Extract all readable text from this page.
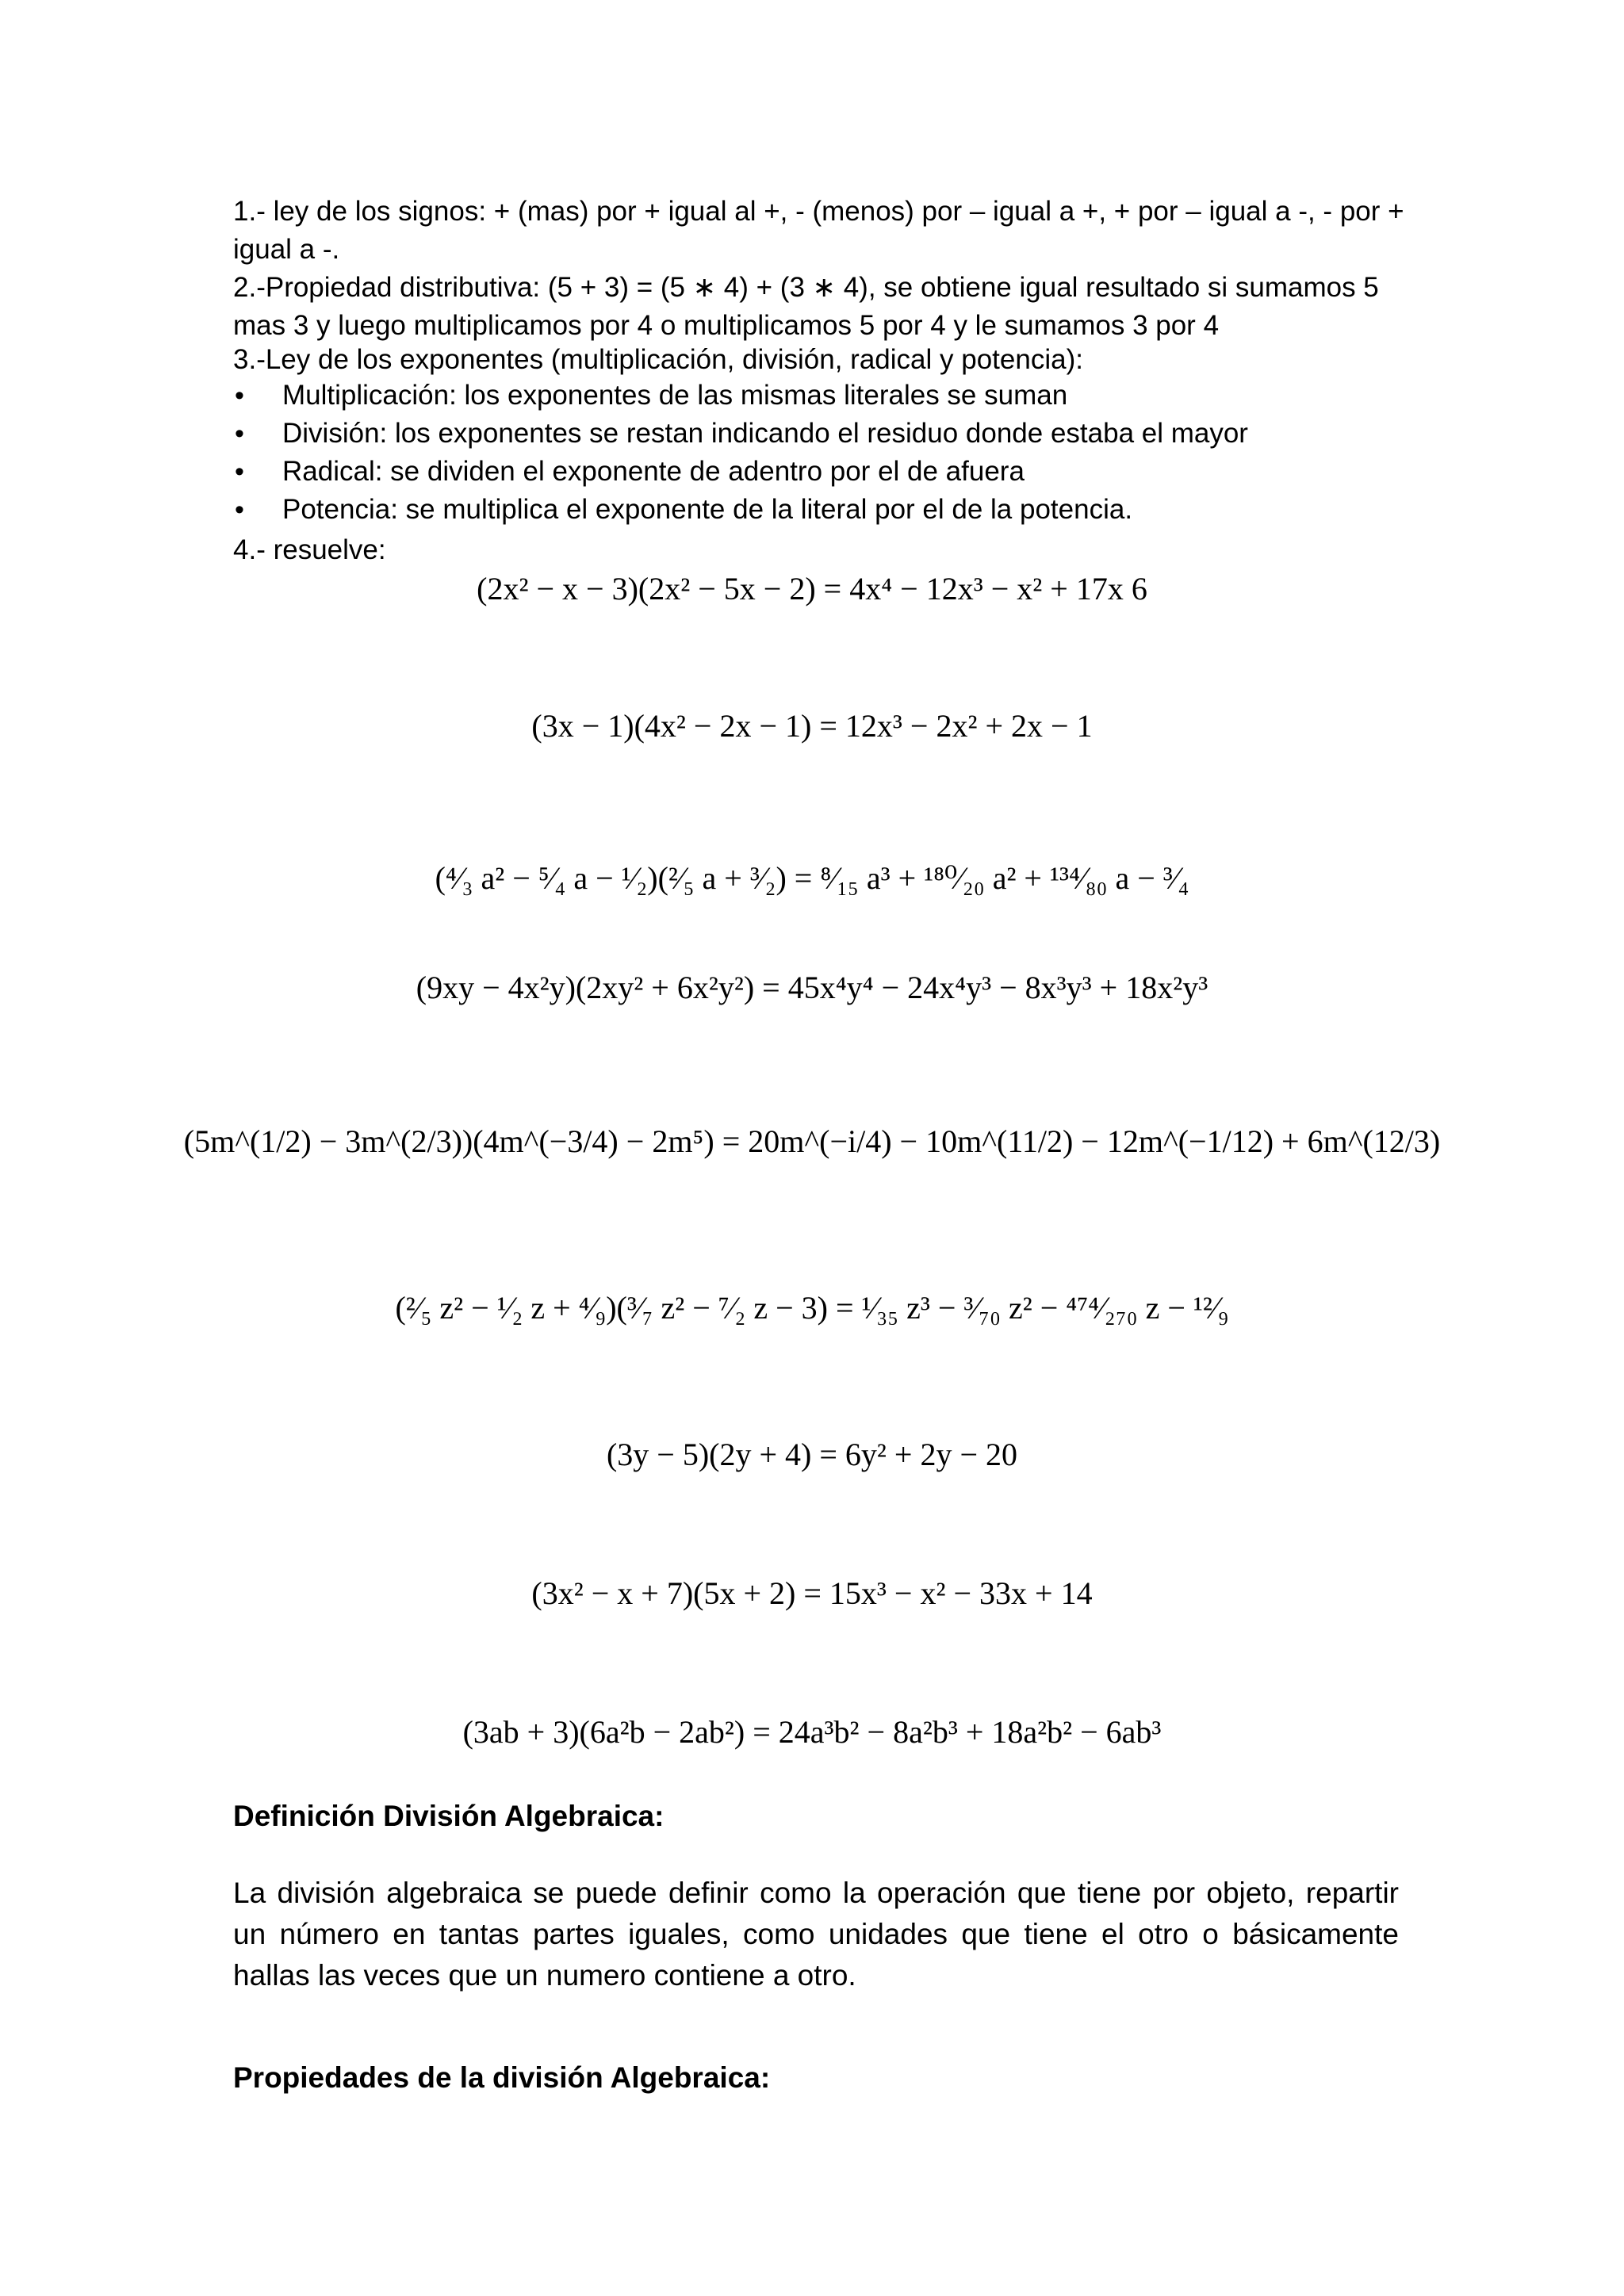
1.- ley de los signos: + (mas) por + igual al +, - (menos) por – igual a +, + por – igual a -, - por +
igual a -.
2.-Propiedad distributiva: (5 + 3) = (5 ∗ 4) + (3 ∗ 4), se obtiene igual resultado si sumamos 5
mas 3 y luego multiplicamos por 4 o multiplicamos 5 por 4 y le sumamos 3 por 4
3.-Ley de los exponentes (multiplicación, división, radical y potencia):
• Multiplicación: los exponentes de las mismas literales se suman
• División: los exponentes se restan indicando el residuo donde estaba el mayor
• Radical: se dividen el exponente de adentro por el de afuera
• Potencia: se multiplica el exponente de la literal por el de la potencia.
4.- resuelve:
(2x² − x − 3)(2x² − 5x − 2) = 4x⁴ − 12x³ − x² + 17x 6
(3x − 1)(4x² − 2x − 1) = 12x³ − 2x² + 2x − 1
(⁴⁄₃ a² − ⁵⁄₄ a − ¹⁄₂)(²⁄₅ a + ³⁄₂) = ⁸⁄₁₅ a³ + ¹⁸⁰⁄₂₀ a² + ¹³⁴⁄₈₀ a − ³⁄₄
(9xy − 4x²y)(2xy² + 6x²y²) = 45x⁴y⁴ − 24x⁴y³ − 8x³y³ + 18x²y³
(5m^(1/2) − 3m^(2/3))(4m^(−3/4) − 2m⁵) = 20m^(−i/4) − 10m^(11/2) − 12m^(−1/12) + 6m^(12/3)
(²⁄₅ z² − ¹⁄₂ z + ⁴⁄₉)(³⁄₇ z² − ⁷⁄₂ z − 3) = ¹⁄₃₅ z³ − ³⁄₇₀ z² − ⁴⁷⁴⁄₂₇₀ z − ¹²⁄₉
(3y − 5)(2y + 4) = 6y² + 2y − 20
(3x² − x + 7)(5x + 2) = 15x³ − x² − 33x + 14
(3ab + 3)(6a²b − 2ab²) = 24a³b² − 8a²b³ + 18a²b² − 6ab³
Definición División Algebraica:
La división algebraica se puede definir como la operación que tiene por objeto, repartir
un número en tantas partes iguales, como unidades que tiene el otro o básicamente
hallas las veces que un numero contiene a otro.
Propiedades de la división Algebraica:
